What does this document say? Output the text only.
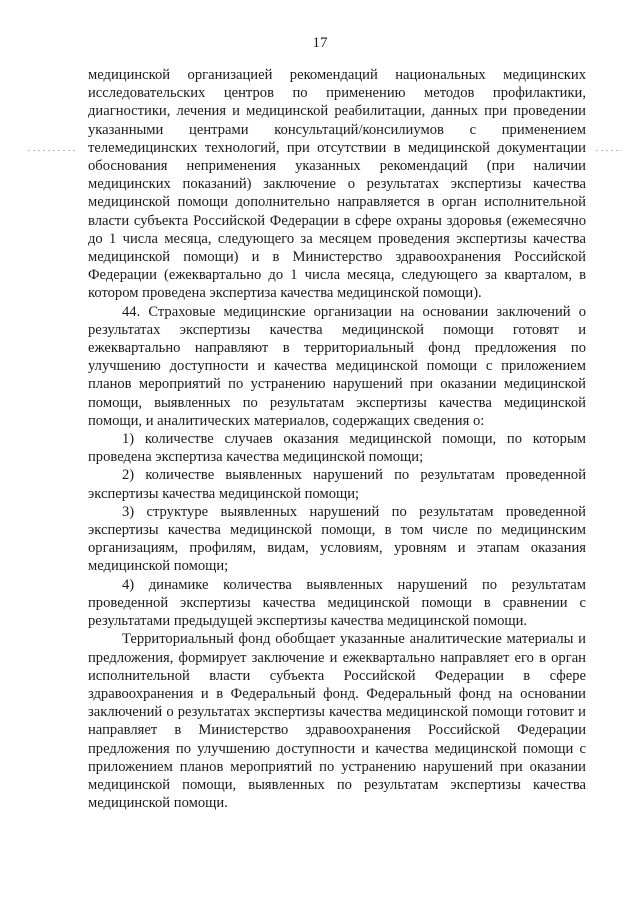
17

медицинской организацией рекомендаций национальных медицинских исследовательских центров по применению методов профилактики, диагностики, лечения и медицинской реабилитации, данных при проведении указанными центрами консультаций/консилиумов с применением телемедицинских технологий, при отсутствии в медицинской документации обоснования неприменения указанных рекомендаций (при наличии медицинских показаний) заключение о результатах экспертизы качества медицинской помощи дополнительно направляется в орган исполнительной власти субъекта Российской Федерации в сфере охраны здоровья (ежемесячно до 1 числа месяца, следующего за месяцем проведения экспертизы качества медицинской помощи) и в Министерство здравоохранения Российской Федерации (ежеквартально до 1 числа месяца, следующего за кварталом, в котором проведена экспертиза качества медицинской помощи).

44. Страховые медицинские организации на основании заключений о результатах экспертизы качества медицинской помощи готовят и ежеквартально направляют в территориальный фонд предложения по улучшению доступности и качества медицинской помощи с приложением планов мероприятий по устранению нарушений при оказании медицинской помощи, выявленных по результатам экспертизы качества медицинской помощи, и аналитических материалов, содержащих сведения о:

1) количестве случаев оказания медицинской помощи, по которым проведена экспертиза качества медицинской помощи;

2) количестве выявленных нарушений по результатам проведенной экспертизы качества медицинской помощи;

3) структуре выявленных нарушений по результатам проведенной экспертизы качества медицинской помощи, в том числе по медицинским организациям, профилям, видам, условиям, уровням и этапам оказания медицинской помощи;

4) динамике количества выявленных нарушений по результатам проведенной экспертизы качества медицинской помощи в сравнении с результатами предыдущей экспертизы качества медицинской помощи.

Территориальный фонд обобщает указанные аналитические материалы и предложения, формирует заключение и ежеквартально направляет его в орган исполнительной власти субъекта Российской Федерации в сфере здравоохранения и в Федеральный фонд. Федеральный фонд на основании заключений о результатах экспертизы качества медицинской помощи готовит и направляет в Министерство здравоохранения Российской Федерации предложения по улучшению доступности и качества медицинской помощи с приложением планов мероприятий по устранению нарушений при оказании медицинской помощи, выявленных по результатам экспертизы качества медицинской помощи.
